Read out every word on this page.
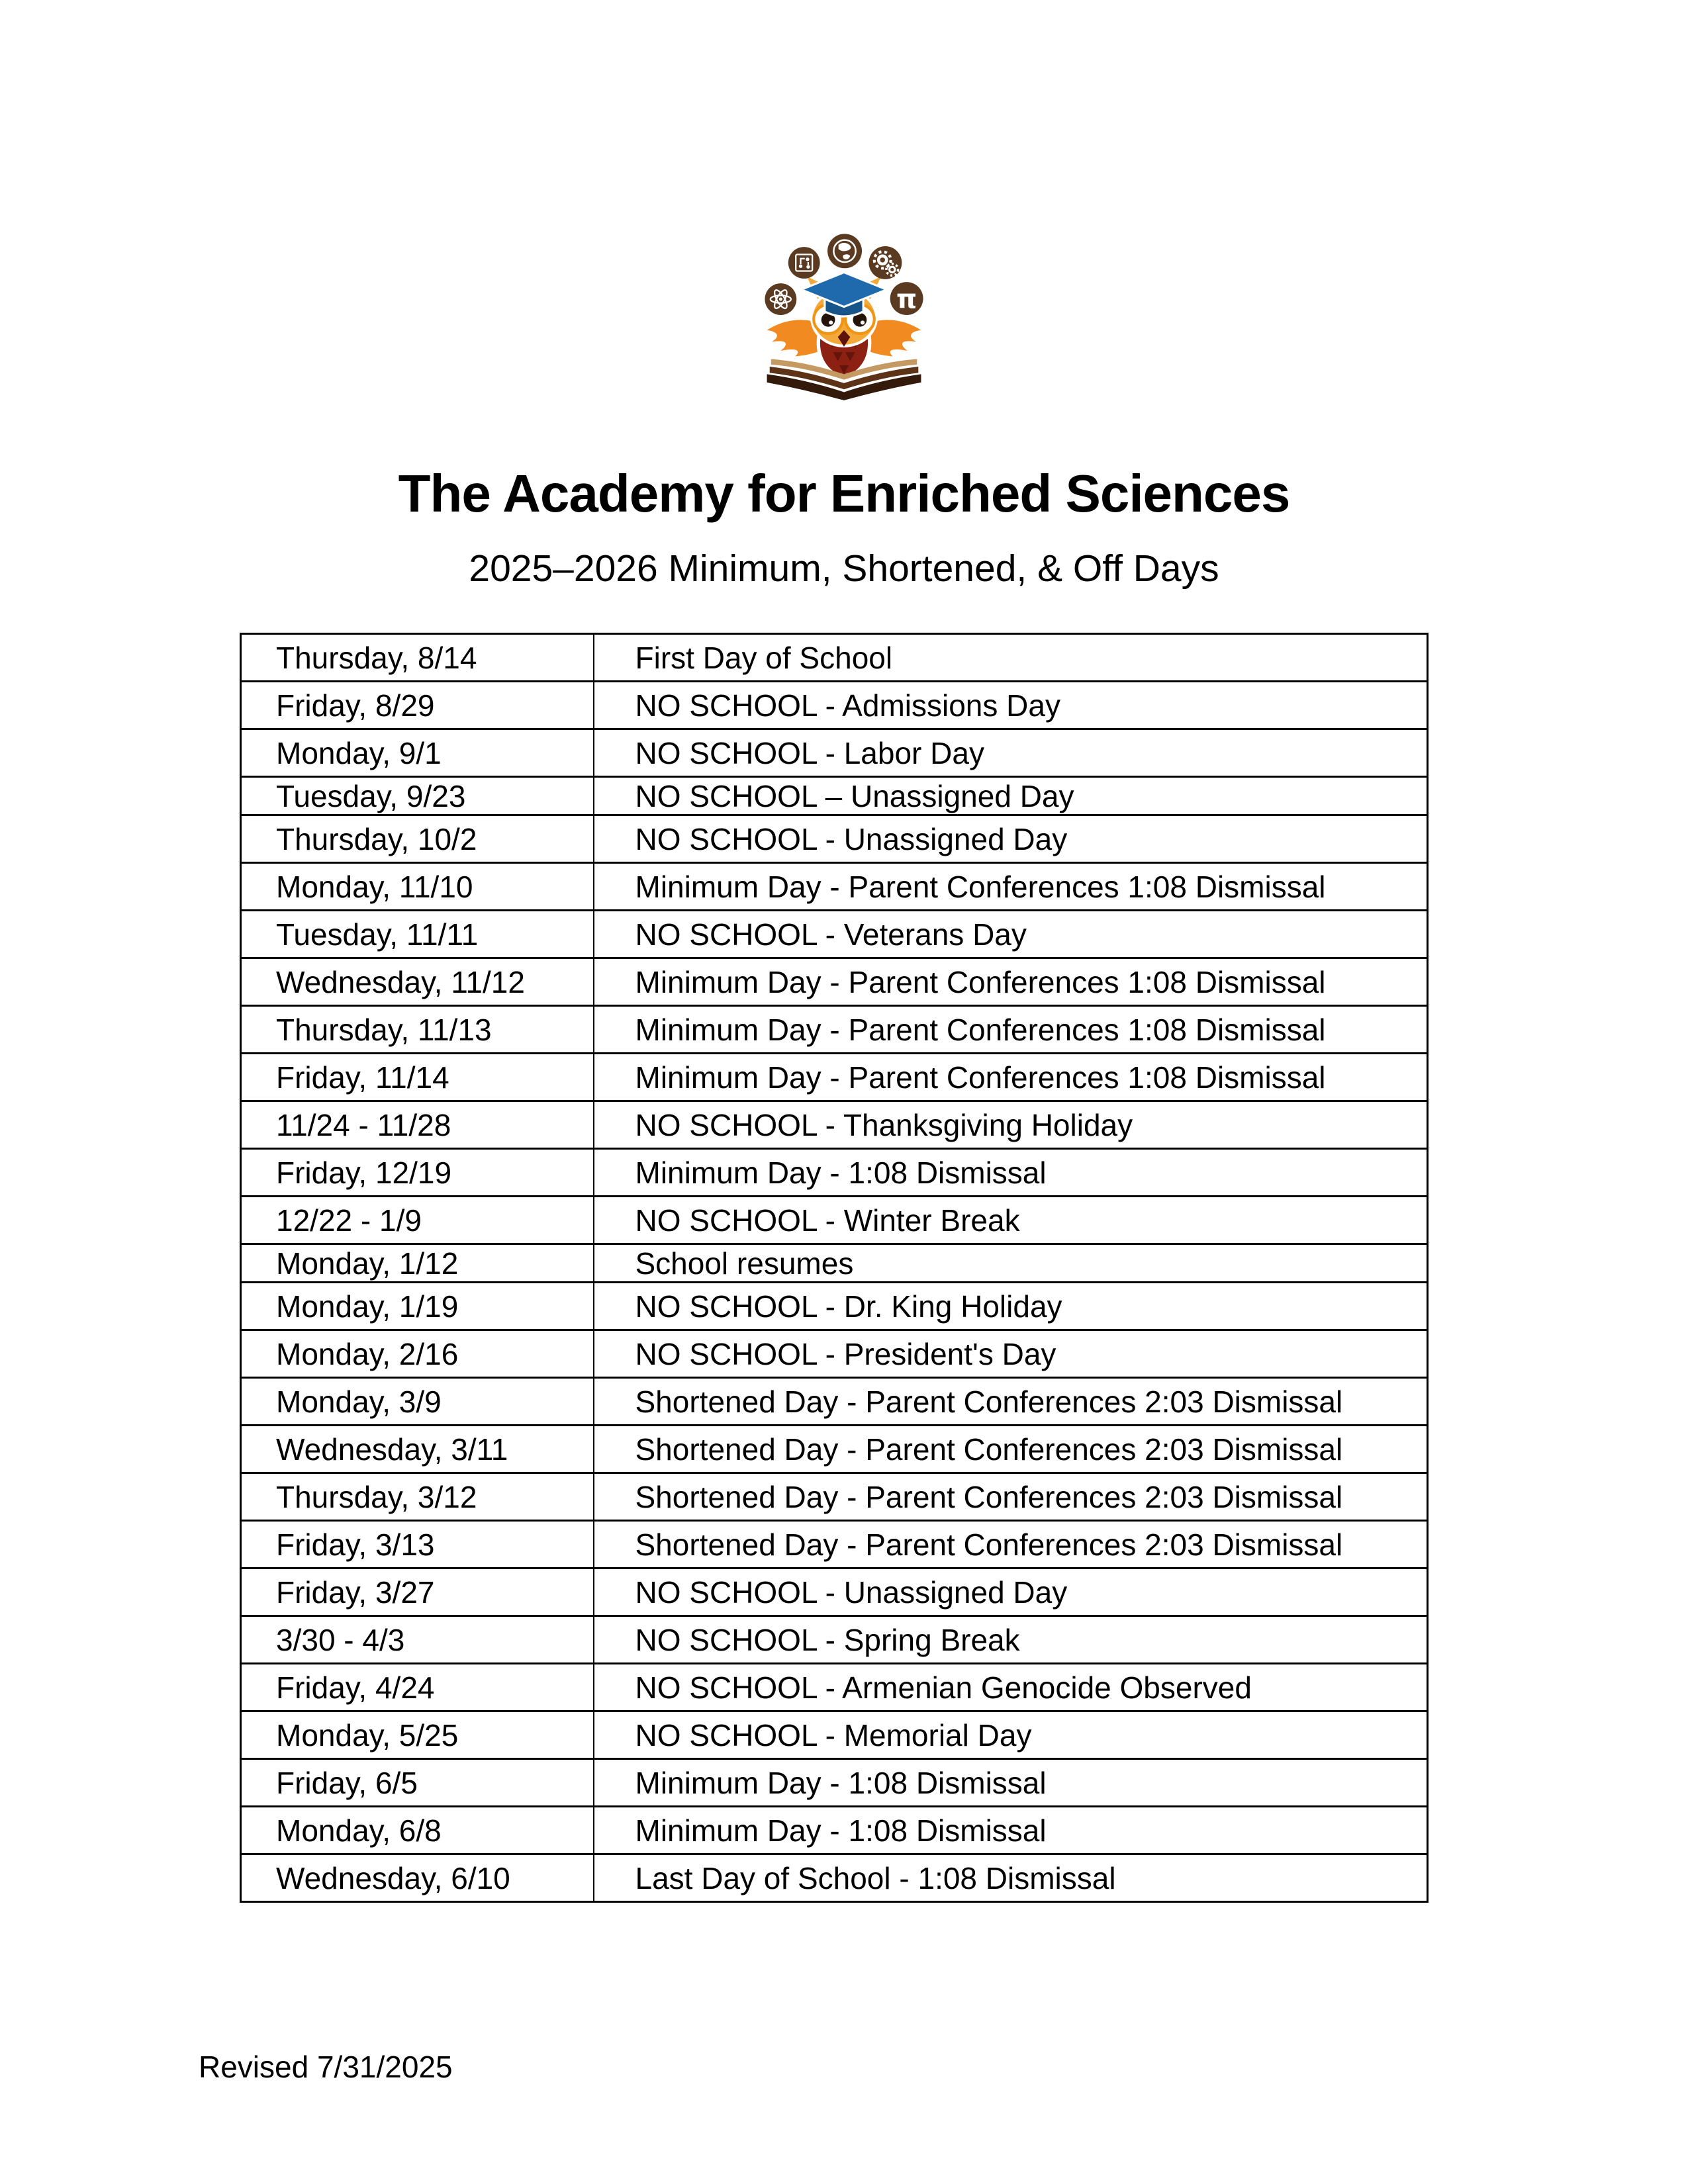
π
The Academy for Enriched Sciences
2025–2026 Minimum, Shortened, & Off Days
Thursday, 8/14	First Day of School
Friday, 8/29	NO SCHOOL - Admissions Day
Monday, 9/1	NO SCHOOL - Labor Day
Tuesday, 9/23	NO SCHOOL – Unassigned Day
Thursday, 10/2	NO SCHOOL - Unassigned Day
Monday, 11/10	Minimum Day - Parent Conferences 1:08 Dismissal
Tuesday, 11/11	NO SCHOOL - Veterans Day
Wednesday, 11/12	Minimum Day - Parent Conferences 1:08 Dismissal
Thursday, 11/13	Minimum Day - Parent Conferences 1:08 Dismissal
Friday, 11/14	Minimum Day - Parent Conferences 1:08 Dismissal
11/24 - 11/28	NO SCHOOL - Thanksgiving Holiday
Friday, 12/19	Minimum Day - 1:08 Dismissal
12/22 - 1/9	NO SCHOOL - Winter Break
Monday, 1/12	School resumes
Monday, 1/19	NO SCHOOL - Dr. King Holiday
Monday, 2/16	NO SCHOOL - President's Day
Monday, 3/9	Shortened Day - Parent Conferences 2:03 Dismissal
Wednesday, 3/11	Shortened Day - Parent Conferences 2:03 Dismissal
Thursday, 3/12	Shortened Day - Parent Conferences 2:03 Dismissal
Friday, 3/13	Shortened Day - Parent Conferences 2:03 Dismissal
Friday, 3/27	NO SCHOOL - Unassigned Day
3/30 - 4/3	NO SCHOOL - Spring Break
Friday, 4/24	NO SCHOOL - Armenian Genocide Observed
Monday, 5/25	NO SCHOOL - Memorial Day
Friday, 6/5	Minimum Day - 1:08 Dismissal
Monday, 6/8	Minimum Day - 1:08 Dismissal
Wednesday, 6/10	Last Day of School - 1:08 Dismissal
Revised 7/31/2025
